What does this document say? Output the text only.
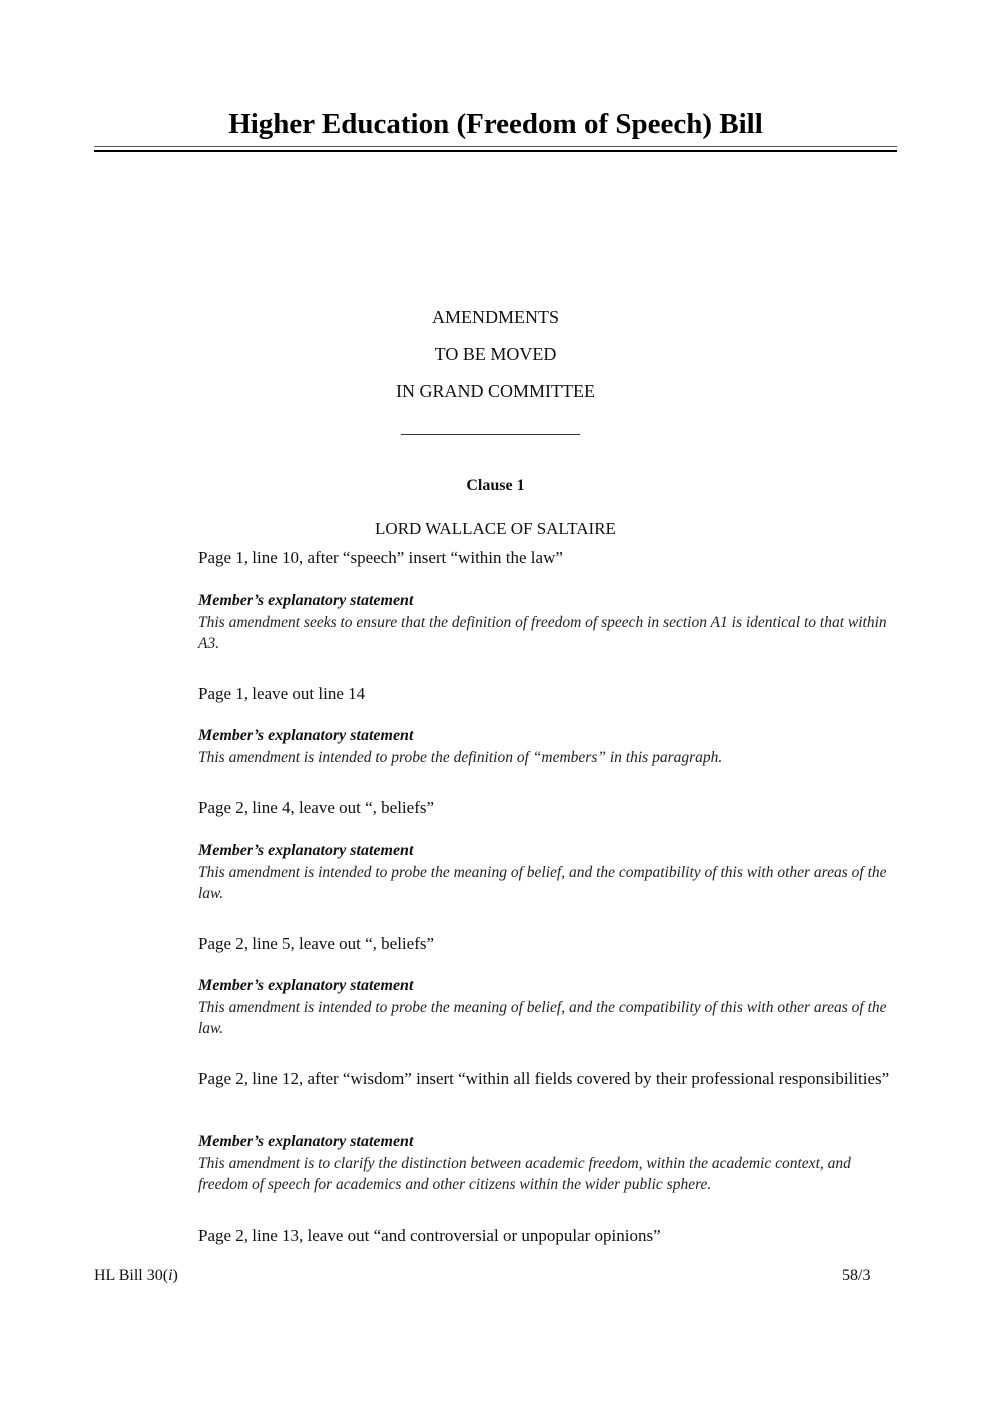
Higher Education (Freedom of Speech) Bill
AMENDMENTS
TO BE MOVED
IN GRAND COMMITTEE
Clause 1
LORD WALLACE OF SALTAIRE
Page 1, line 10, after “speech” insert “within the law”
Member’s explanatory statement
This amendment seeks to ensure that the definition of freedom of speech in section A1 is identical to that within A3.
Page 1, leave out line 14
Member’s explanatory statement
This amendment is intended to probe the definition of “members” in this paragraph.
Page 2, line 4, leave out “, beliefs”
Member’s explanatory statement
This amendment is intended to probe the meaning of belief, and the compatibility of this with other areas of the law.
Page 2, line 5, leave out “, beliefs”
Member’s explanatory statement
This amendment is intended to probe the meaning of belief, and the compatibility of this with other areas of the law.
Page 2, line 12, after “wisdom” insert “within all fields covered by their professional responsibilities”
Member’s explanatory statement
This amendment is to clarify the distinction between academic freedom, within the academic context, and freedom of speech for academics and other citizens within the wider public sphere.
Page 2, line 13, leave out “and controversial or unpopular opinions”
HL Bill 30(i)	58/3
